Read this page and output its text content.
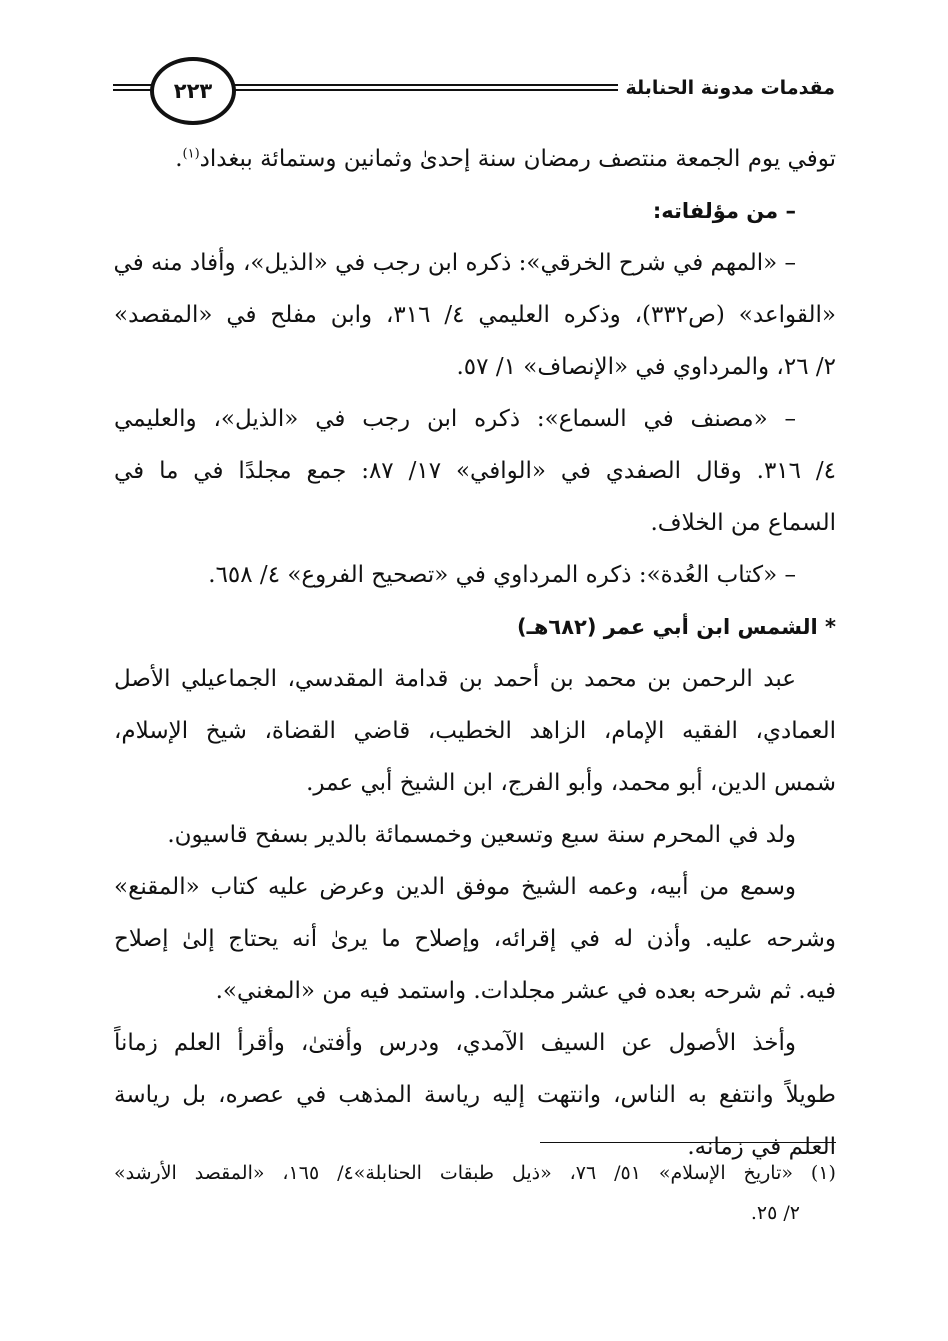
مقدمات مدونة الحنابلة
٢٢٣
توفي يوم الجمعة منتصف رمضان سنة إحدىٰ وثمانين وستمائة ببغداد$^{(١)}$.
– من مؤلفاته:
– «المهم في شرح الخرقي»: ذكره ابن رجب في «الذيل»، وأفاد منه في
«القواعد» (ص٣٣٢)، وذكره العليمي ٤/ ٣١٦، وابن مفلح في «المقصد»
٢/ ٢٦، والمرداوي في «الإنصاف» ١/ ٥٧.
– «مصنف في السماع»: ذكره ابن رجب في «الذيل»، والعليمي
٤/ ٣١٦. وقال الصفدي في «الوافي» ١٧/ ٨٧: جمع مجلدًا في ما في
السماع من الخلاف.
– «كتاب العُدة»: ذكره المرداوي في «تصحيح الفروع» ٤/ ٦٥٨.
* الشمس ابن أبي عمر (٦٨٢هـ)
عبد الرحمن بن محمد بن أحمد بن قدامة المقدسي، الجماعيلي الأصل
العمادي، الفقيه الإمام، الزاهد الخطيب، قاضي القضاة، شيخ الإسلام،
شمس الدين، أبو محمد، وأبو الفرج، ابن الشيخ أبي عمر.
ولد في المحرم سنة سبع وتسعين وخمسمائة بالدير بسفح قاسيون.
وسمع من أبيه، وعمه الشيخ موفق الدين وعرض عليه كتاب «المقنع»
وشرحه عليه. وأذن له في إقرائه، وإصلاح ما يرىٰ أنه يحتاج إلىٰ إصلاح
فيه. ثم شرحه بعده في عشر مجلدات. واستمد فيه من «المغني».
وأخذ الأصول عن السيف الآمدي، ودرس وأفتىٰ، وأقرأ العلم زماناً
طويلاً وانتفع به الناس، وانتهت إليه رياسة المذهب في عصره، بل رياسة
العلم في زمانه.
(١) «تاريخ الإسلام» ٥١/ ٧٦، «ذيل طبقات الحنابلة»٤/ ١٦٥، «المقصد الأرشد»
٢/ ٢٥.
